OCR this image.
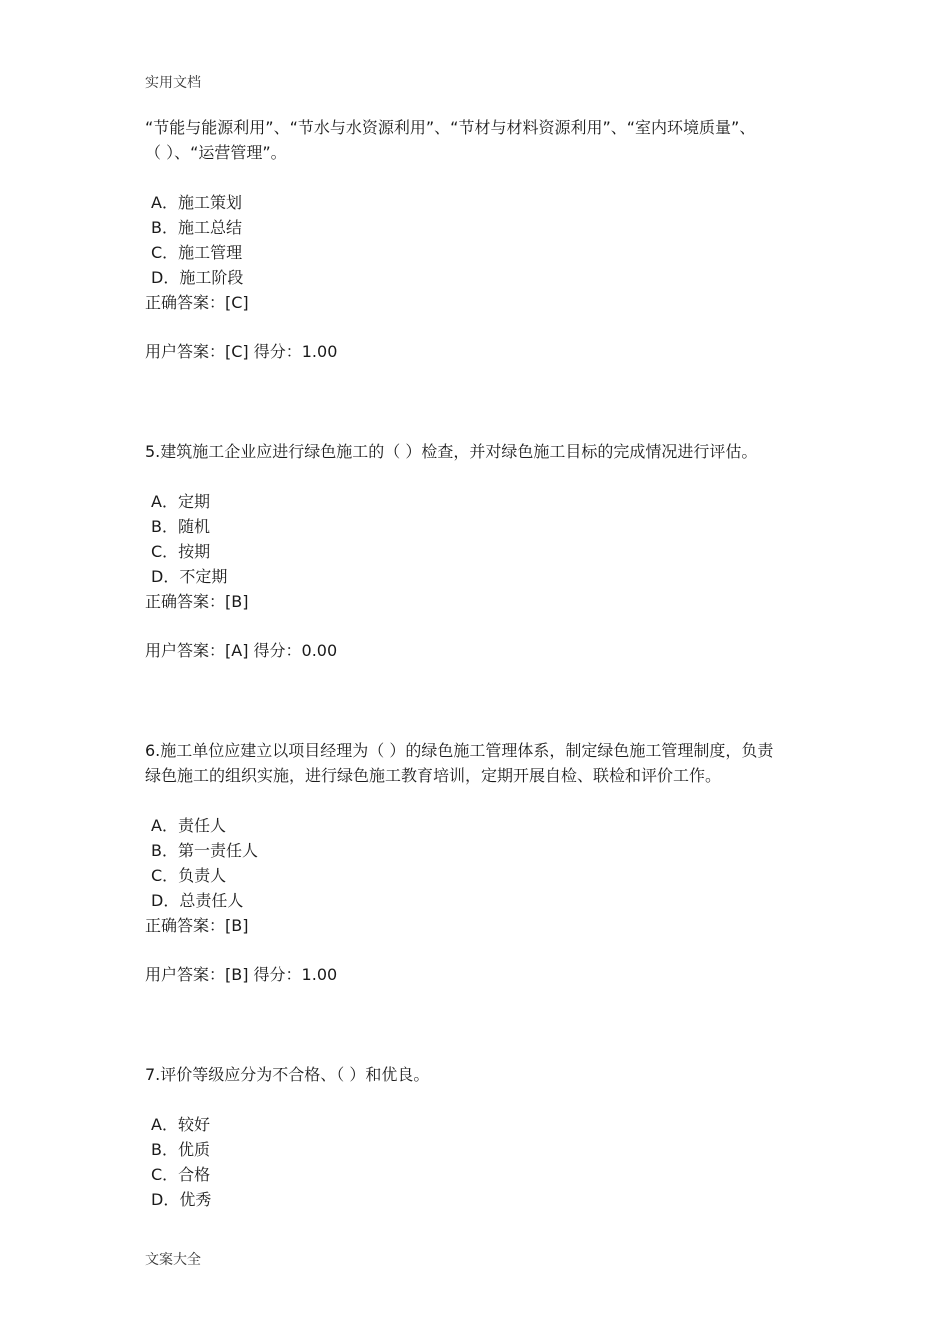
实用文档
“节能与能源利用”、“节水与水资源利用”、“节材与材料资源利用”、“室内环境质量”、
（ ）、“运营管理”。
A．施工策划
B．施工总结
C．施工管理
D．施工阶段
正确答案：[C]
用户答案：[C] 得分：1.00
5.建筑施工企业应进行绿色施工的（ ）检查，并对绿色施工目标的完成情况进行评估。
A．定期
B．随机
C．按期
D．不定期
正确答案：[B]
用户答案：[A] 得分：0.00
6.施工单位应建立以项目经理为（ ）的绿色施工管理体系，制定绿色施工管理制度，负责
绿色施工的组织实施，进行绿色施工教育培训，定期开展自检、联检和评价工作。
A．责任人
B．第一责任人
C．负责人
D．总责任人
正确答案：[B]
用户答案：[B] 得分：1.00
7.评价等级应分为不合格、（ ）和优良。
A．较好
B．优质
C．合格
D．优秀
文案大全
